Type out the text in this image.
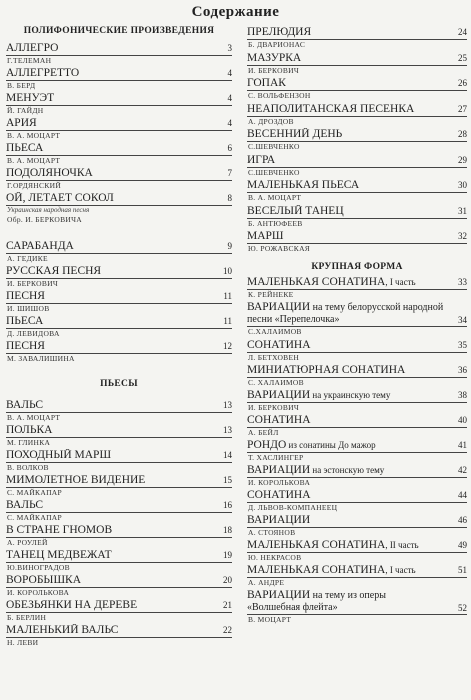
Содержание
ПОЛИФОНИЧЕСКИЕ ПРОИЗВЕДЕНИЯ
АЛЛЕГРО	3
Г.ТЕЛЕМАН
АЛЛЕГРЕТТО	4
В. БЕРД
МЕНУЭТ	4
Й. ГАЙДН
АРИЯ	4
В. А. МОЦАРТ
ПЬЕСА	6
В. А. МОЦАРТ
ПОДОЛЯНОЧКА	7
Г.ОРДЯНСКИЙ
ОЙ, ЛЕТАЕТ СОКОЛ	8
Украинская народная песня
Обр. И. БЕРКОВИЧА
САРАБАНДА	9
А. ГЕДИКЕ
РУССКАЯ ПЕСНЯ	10
И. БЕРКОВИЧ
ПЕСНЯ	11
И. ШИШОВ
ПЬЕСА	11
Д. ЛЕВИДОВА
ПЕСНЯ	12
М. ЗАВАЛИШИНА
ПЬЕСЫ
ВАЛЬС	13
В. А. МОЦАРТ
ПОЛЬКА	13
М. ГЛИНКА
ПОХОДНЫЙ МАРШ	14
В. ВОЛКОВ
МИМОЛЕТНОЕ ВИДЕНИЕ	15
С. МАЙКАПАР
ВАЛЬС	16
С. МАЙКАПАР
В СТРАНЕ ГНОМОВ	18
А. РОУЛЕЙ
ТАНЕЦ МЕДВЕЖАТ	19
Ю.ВИНОГРАДОВ
ВОРОБЫШКА	20
И. КОРОЛЬКОВА
ОБЕЗЬЯНКИ НА ДЕРЕВЕ	21
Б. БЕРЛИН
МАЛЕНЬКИЙ ВАЛЬС	22
Н. ЛЕВИ
ПРЕЛЮДИЯ	24
Б. ДВАРИОНАС
МАЗУРКА	25
И. БЕРКОВИЧ
ГОПАК	26
С. ВОЛЬФЕНЗОН
НЕАПОЛИТАНСКАЯ ПЕСЕНКА	27
А. ДРОЗДОВ
ВЕСЕННИЙ ДЕНЬ	28
С.ШЕВЧЕНКО
ИГРА	29
С.ШЕВЧЕНКО
МАЛЕНЬКАЯ ПЬЕСА	30
В. А. МОЦАРТ
ВЕСЕЛЫЙ ТАНЕЦ	31
Б. АНТЮФЕЕВ
МАРШ	32
Ю. РОЖАВСКАЯ
КРУПНАЯ ФОРМА
МАЛЕНЬКАЯ СОНАТИНА, I часть	33
К. РЕЙНЕКЕ
ВАРИАЦИИ на тему белорусской народной
песни «Перепелочка»	34
С.ХАЛАИМОВ
СОНАТИНА	35
Л. БЕТХОВЕН
МИНИАТЮРНАЯ СОНАТИНА	36
С. ХАЛАИМОВ
ВАРИАЦИИ на украинскую тему	38
И. БЕРКОВИЧ
СОНАТИНА	40
А. БЕЙЛ
РОНДО из сонатины До мажор	41
Т. ХАСЛИНГЕР
ВАРИАЦИИ на эстонскую тему	42
И. КОРОЛЬКОВА
СОНАТИНА	44
Д. ЛЬВОВ-КОМПАНЕЕЦ
ВАРИАЦИИ	46
А. СТОЯНОВ
МАЛЕНЬКАЯ СОНАТИНА, II часть	49
Ю. НЕКРАСОВ
МАЛЕНЬКАЯ СОНАТИНА, I часть	51
А. АНДРЕ
ВАРИАЦИИ на тему из оперы
«Волшебная флейта»	52
В. МОЦАРТ
